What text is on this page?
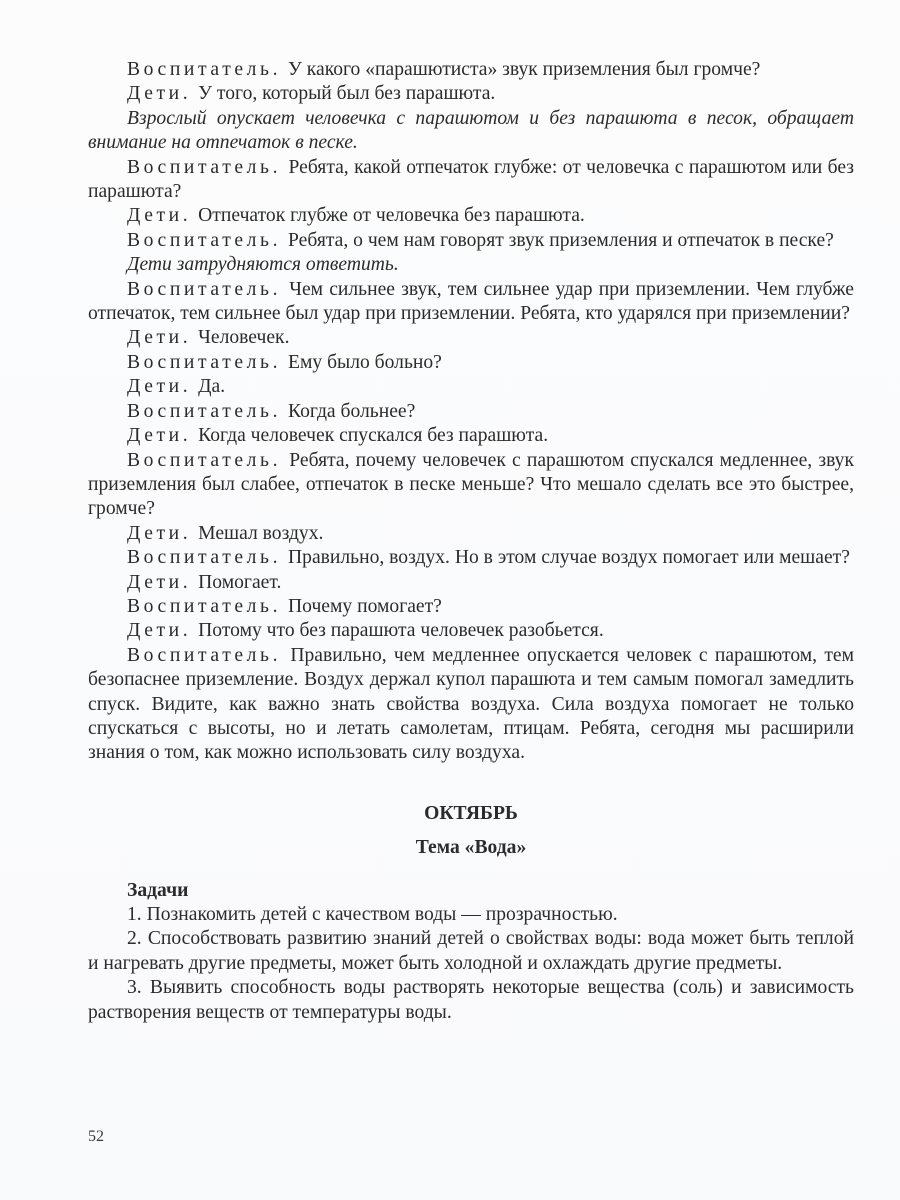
Воспитатель. У какого «парашютиста» звук приземления был громче?

Дети. У того, который был без парашюта.

Взрослый опускает человечка с парашютом и без парашюта в песок, обращает внимание на отпечаток в песке.

Воспитатель. Ребята, какой отпечаток глубже: от человечка с парашютом или без парашюта?

Дети. Отпечаток глубже от человечка без парашюта.

Воспитатель. Ребята, о чем нам говорят звук приземления и отпечаток в песке?

Дети затрудняются ответить.

Воспитатель. Чем сильнее звук, тем сильнее удар при приземлении. Чем глубже отпечаток, тем сильнее был удар при приземлении. Ребята, кто ударялся при приземлении?

Дети. Человечек.

Воспитатель. Ему было больно?

Дети. Да.

Воспитатель. Когда больнее?

Дети. Когда человечек спускался без парашюта.

Воспитатель. Ребята, почему человечек с парашютом спускался медленнее, звук приземления был слабее, отпечаток в песке меньше? Что мешало сделать все это быстрее, громче?

Дети. Мешал воздух.

Воспитатель. Правильно, воздух. Но в этом случае воздух помогает или мешает?

Дети. Помогает.

Воспитатель. Почему помогает?

Дети. Потому что без парашюта человечек разобьется.

Воспитатель. Правильно, чем медленнее опускается человек с парашютом, тем безопаснее приземление. Воздух держал купол парашюта и тем самым помогал замедлить спуск. Видите, как важно знать свойства воздуха. Сила воздуха помогает не только спускаться с высоты, но и летать самолетам, птицам. Ребята, сегодня мы расширили знания о том, как можно использовать силу воздуха.

ОКТЯБРЬ

Тема «Вода»

Задачи

1. Познакомить детей с качеством воды — прозрачностью.

2. Способствовать развитию знаний детей о свойствах воды: вода может быть теплой и нагревать другие предметы, может быть холодной и охлаждать другие предметы.

3. Выявить способность воды растворять некоторые вещества (соль) и зависимость растворения веществ от температуры воды.

52
